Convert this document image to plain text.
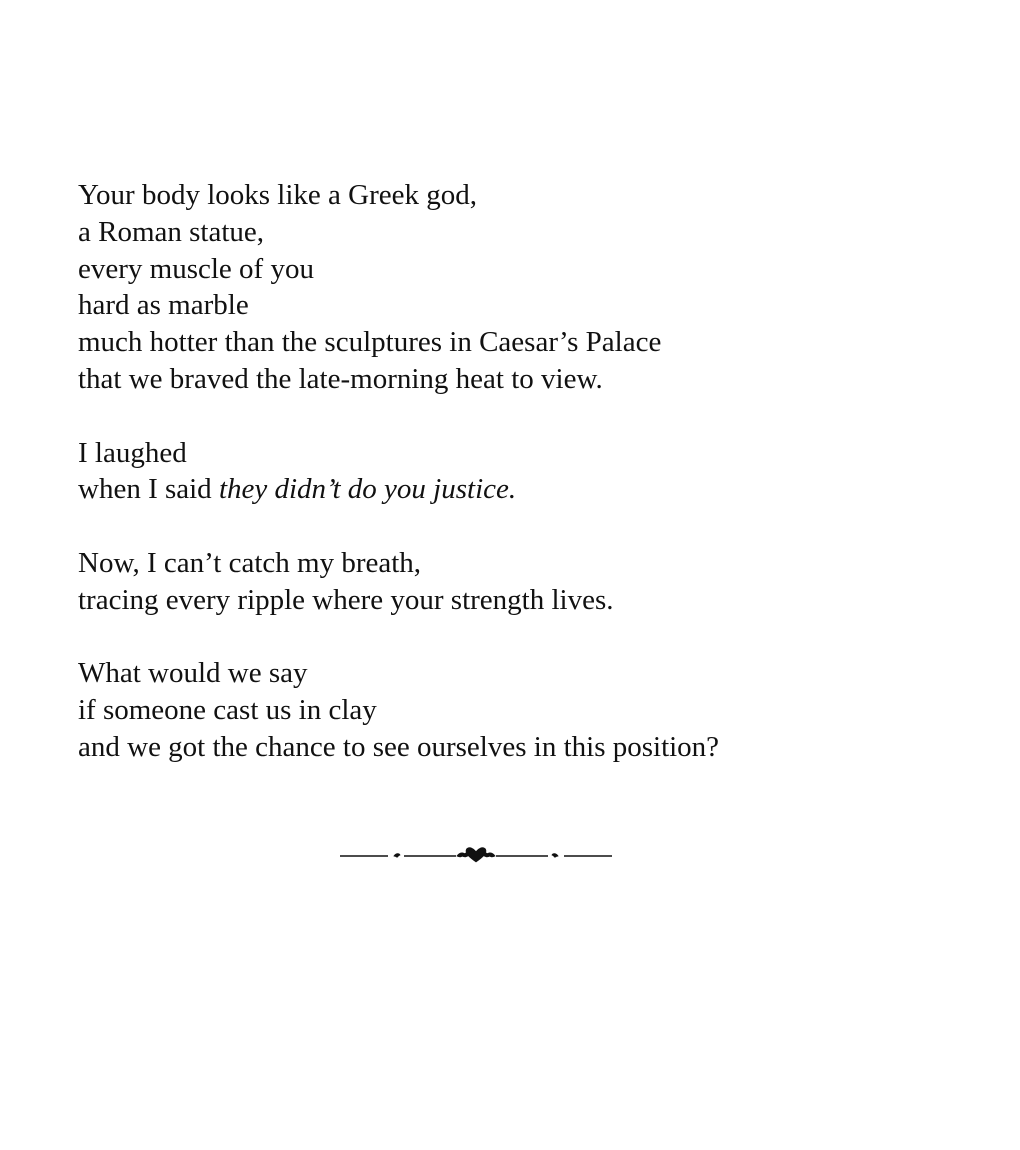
Your body looks like a Greek god,
a Roman statue,
every muscle of you
hard as marble
much hotter than the sculptures in Caesar’s Palace
that we braved the late-morning heat to view.
I laughed
when I said they didn’t do you justice.
Now, I can’t catch my breath,
tracing every ripple where your strength lives.
What would we say
if someone cast us in clay
and we got the chance to see ourselves in this position?
